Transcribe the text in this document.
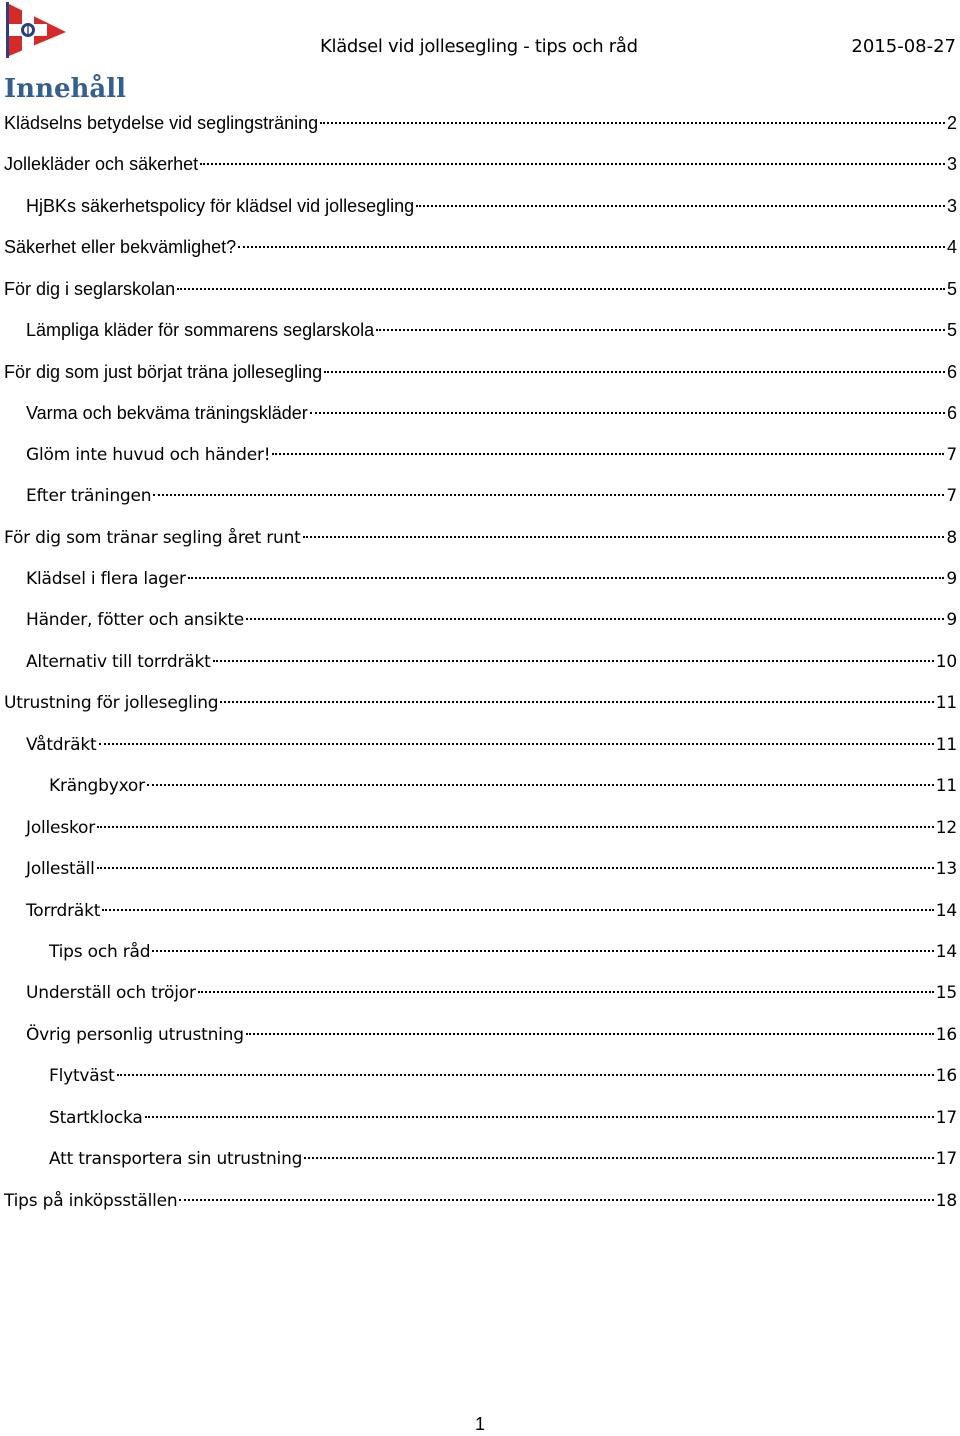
Klädsel vid jollesegling - tips och råd	2015-08-27
Innehåll
Klädselns betydelse vid seglingsträning	2
Jollekläder och säkerhet	3
HjBKs säkerhetspolicy för klädsel vid jollesegling	3
Säkerhet eller bekvämlighet?	4
För dig i seglarskolan	5
Lämpliga kläder för sommarens seglarskola	5
För dig som just börjat träna jollesegling	6
Varma och bekväma träningskläder	6
Glöm inte huvud och händer!	7
Efter träningen	7
För dig som tränar segling året runt	8
Klädsel i flera lager	9
Händer, fötter och ansikte	9
Alternativ till torrdräkt	10
Utrustning för jollesegling	11
Våtdräkt	11
Krängbyxor	11
Jolleskor	12
Jolleställ	13
Torrdräkt	14
Tips och råd	14
Underställ och tröjor	15
Övrig personlig utrustning	16
Flytväst	16
Startklocka	17
Att transportera sin utrustning	17
Tips på inköpsställen	18
1
